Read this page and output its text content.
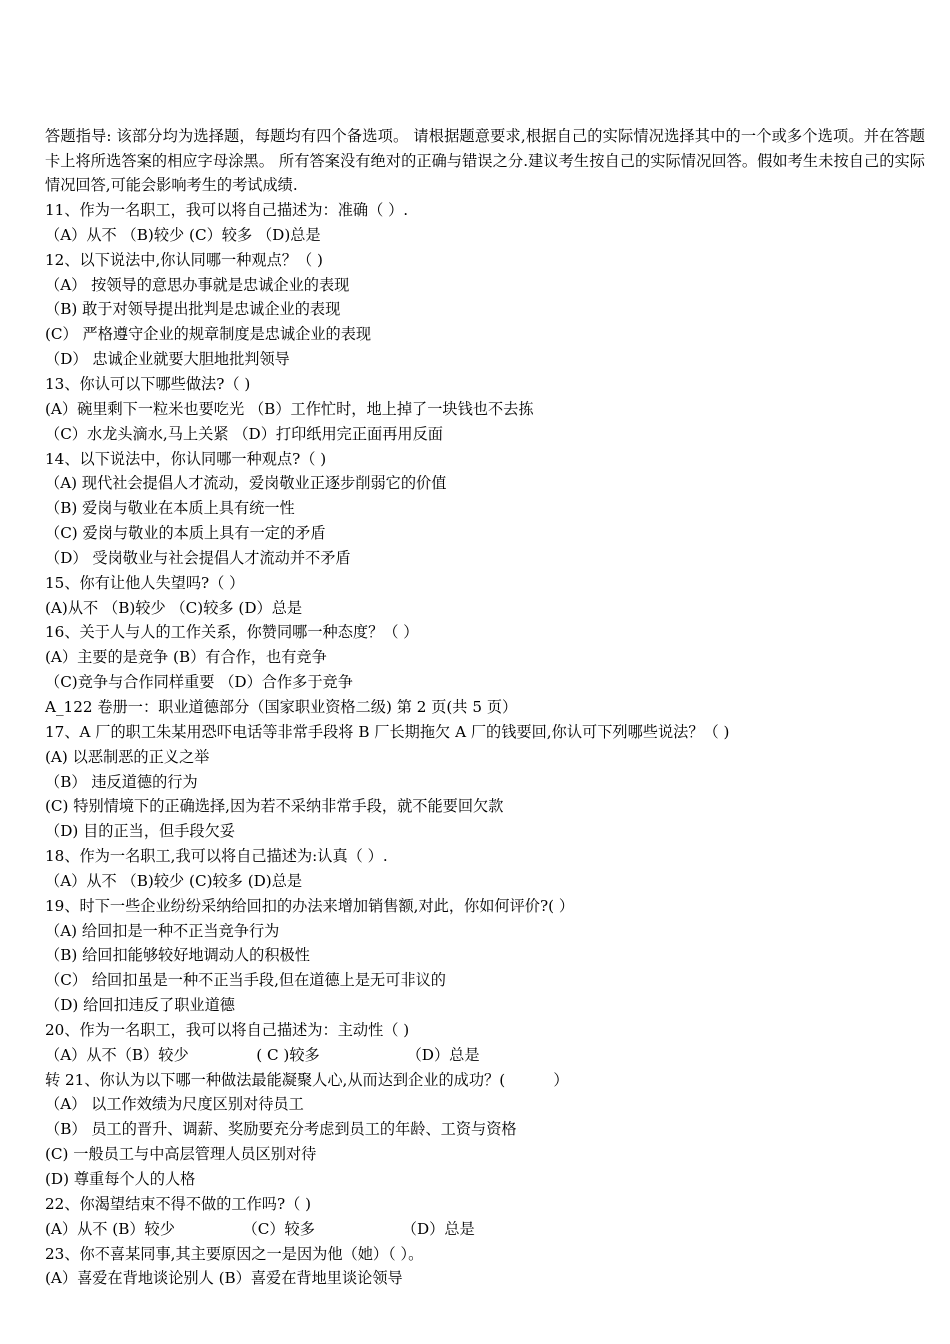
答题指导: 该部分均为选择题，每题均有四个备选项。 请根据题意要求,根据自己的实际情况选择其中的一个或多个选项。并在答题卡上将所选答案的相应字母涂黑。 所有答案没有绝对的正确与错误之分.建议考生按自己的实际情况回答。假如考生未按自己的实际情况回答,可能会影响考生的考试成绩.

11、作为一名职工，我可以将自己描述为：准确（ ）.
（A）从不 （B)较少 (C）较多 （D)总是
12、以下说法中,你认同哪一种观点？（ )
（A） 按领导的意思办事就是忠诚企业的表现
（B) 敢于对领导提出批判是忠诚企业的表现
(C） 严格遵守企业的规章制度是忠诚企业的表现
（D） 忠诚企业就要大胆地批判领导
13、你认可以下哪些做法?（ )
(A）碗里剩下一粒米也要吃光 （B）工作忙时，地上掉了一块钱也不去拣
（C）水龙头滴水,马上关紧 （D）打印纸用完正面再用反面
14、以下说法中，你认同哪一种观点?（ )
（A) 现代社会提倡人才流动，爱岗敬业正逐步削弱它的价值
（B) 爱岗与敬业在本质上具有统一性
（C) 爱岗与敬业的本质上具有一定的矛盾
（D） 受岗敬业与社会提倡人才流动并不矛盾
15、你有让他人失望吗?（ ）
(A)从不 （B)较少 （C)较多 (D）总是
16、关于人与人的工作关系，你赞同哪一种态度？（ ）
(A）主要的是竞争 (B）有合作，也有竞争
（C)竞争与合作同样重要 （D）合作多于竞争
A_122 卷册一：职业道德部分（国家职业资格二级) 第 2 页(共 5 页）
17、A 厂的职工朱某用恐吓电话等非常手段将 B 厂长期拖欠 A 厂的钱要回,你认可下列哪些说法？（ )
(A) 以恶制恶的正义之举
（B） 违反道德的行为
(C) 特别情境下的正确选择,因为若不采纳非常手段，就不能要回欠款
（D) 目的正当，但手段欠妥
18、作为一名职工,我可以将自己描述为:认真（ ）.
（A）从不 （B)较少 (C)较多 (D)总是
19、时下一些企业纷纷采纳给回扣的办法来增加销售额,对此，你如何评价?( ）
（A) 给回扣是一种不正当竞争行为
（B) 给回扣能够较好地调动人的积极性
（C） 给回扣虽是一种不正当手段,但在道德上是无可非议的
（D) 给回扣违反了职业道德
20、作为一名职工，我可以将自己描述为：主动性（ )
（A）从不（B）较少              ( C )较多                  （D）总是
转 21、你认为以下哪一种做法最能凝聚人心,从而达到企业的成功？(          ）
（A） 以工作效绩为尺度区别对待员工
（B） 员工的晋升、调薪、奖励要充分考虑到员工的年龄、工资与资格
(C) 一般员工与中高层管理人员区别对待
(D) 尊重每个人的人格
22、你渴望结束不得不做的工作吗?（ )
(A）从不 (B）较少              （C）较多                  （D）总是
23、你不喜某同事,其主要原因之一是因为他（她）（ ）。
(A）喜爱在背地谈论别人 (B）喜爱在背地里谈论领导
